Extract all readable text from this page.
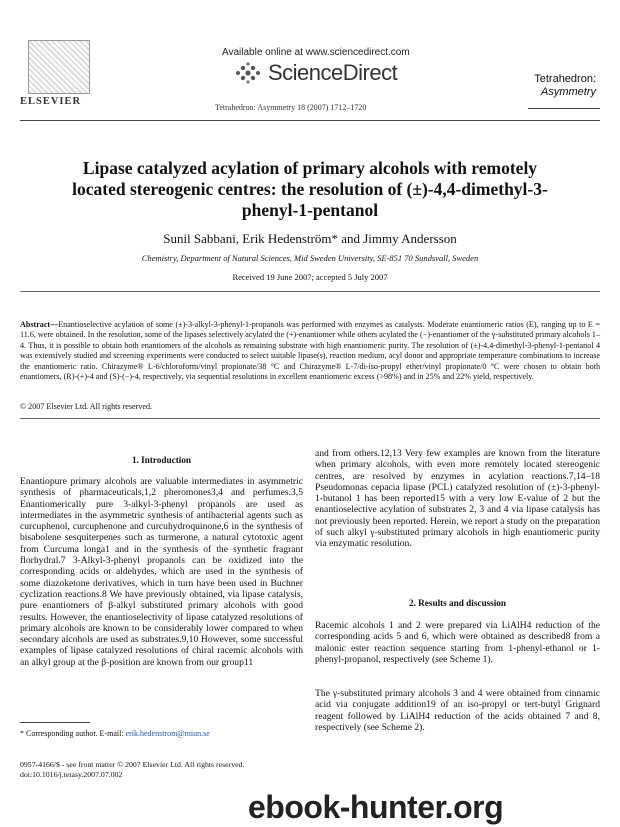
ELSEVIER
Available online at www.sciencedirect.com
ScienceDirect
Tetrahedron: Asymmetry 18 (2007) 1712–1720
Tetrahedron:
Asymmetry
Lipase catalyzed acylation of primary alcohols with remotely located stereogenic centres: the resolution of (±)-4,4-dimethyl-3-phenyl-1-pentanol
Sunil Sabbani, Erik Hedenström* and Jimmy Andersson
Chemistry, Department of Natural Sciences, Mid Sweden University, SE-851 70 Sundsvall, Sweden
Received 19 June 2007; accepted 5 July 2007
Abstract—Enantioselective acylation of some (±)-3-alkyl-3-phenyl-1-propanols was performed with enzymes as catalysts. Moderate enantiomeric ratios (E), ranging up to E = 11.6, were obtained. In the resolution, some of the lipases selectively acylated the (+)-enantiomer while others acylated the (−)-enantiomer of the γ-substituted primary alcohols 1–4. Thus, it is possible to obtain both enantiomers of the alcohols as remaining substrate with high enantiomeric purity. The resolution of (±)-4,4-dimethyl-3-phenyl-1-pentanol 4 was extensively studied and screening experiments were conducted to select suitable lipase(s), reaction medium, acyl donor and appropriate temperature combinations to increase the enantiomeric ratio. Chirazyme® L-6/chloroform/vinyl propionate/38 °C and Chirazyme® L-7/di-iso-propyl ether/vinyl propionate/0 °C were chosen to obtain both enantiomers, (R)-(+)-4 and (S)-(−)-4, respectively, via sequential resolutions in excellent enantiomeric excess (>98%) and in 25% and 22% yield, respectively.
© 2007 Elsevier Ltd. All rights reserved.
1. Introduction
Enantiopure primary alcohols are valuable intermediates in asymmetric synthesis of pharmaceuticals,1,2 pheromones3,4 and perfumes.3,5 Enantiomerically pure 3-alkyl-3-phenyl propanols are used as intermediates in the asymmetric synthesis of antibacterial agents such as curcuphenol, curcuphenone and curcuhydroquinone,6 in the synthesis of bisabolene sesquiterpenes such as turmerone, a natural cytotoxic agent from Curcuma longa1 and in the synthesis of the synthetic fragrant florhydral.7 3-Alkyl-3-phenyl propanols can be oxidized into the corresponding acids or aldehydes, which are used in the synthesis of some diazoketone derivatives, which in turn have been used in Buchner cyclization reactions.8 We have previously obtained, via lipase catalysis, pure enantiomers of β-alkyl substituted primary alcohols with good results. However, the enantioselectivity of lipase catalyzed resolutions of primary alcohols are known to be considerably lower compared to when secondary alcohols are used as substrates.9,10 However, some successful examples of lipase catalyzed resolutions of chiral racemic alcohols with an alkyl group at the β-position are known from our group11
and from others.12,13 Very few examples are known from the literature when primary alcohols, with even more remotely located stereogenic centres, are resolved by enzymes in acylation reactions.7,14–18 Pseudomonas cepacia lipase (PCL) catalyzed resolution of (±)-3-phenyl-1-butanol 1 has been reported15 with a very low E-value of 2 but the enantioselective acylation of substrates 2, 3 and 4 via lipase catalysis has not previously been reported. Herein, we report a study on the preparation of such alkyl γ-substituted primary alcohols in high enantiomeric purity via enzymatic resolution.
2. Results and discussion
Racemic alcohols 1 and 2 were prepared via LiAlH4 reduction of the corresponding acids 5 and 6, which were obtained as described8 from a malonic ester reaction sequence starting from 1-phenyl-ethanol or 1-phenyl-propanol, respectively (see Scheme 1).
The γ-substituted primary alcohols 3 and 4 were obtained from cinnamic acid via conjugate addition19 of an iso-propyl or tert-butyl Grignard reagent followed by LiAlH4 reduction of the acids obtained 7 and 8, respectively (see Scheme 2).
* Corresponding author. E-mail: erik.hedenstrom@miun.se
0957-4166/$ - see front matter © 2007 Elsevier Ltd. All rights reserved.
doi:10.1016/j.tetasy.2007.07.002
ebook-hunter.org
